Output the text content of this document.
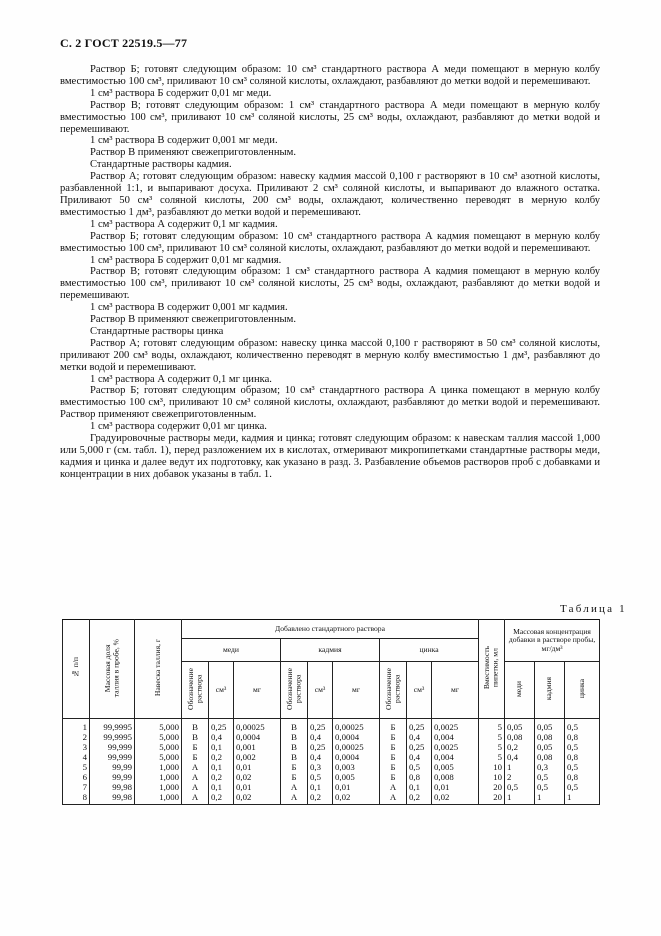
С. 2 ГОСТ 22519.5—77

Раствор Б; готовят следующим образом: 10 см³ стандартного раствора А меди помещают в мерную колбу вместимостью 100 см³, приливают 10 см³ соляной кислоты, охлаждают, разбавляют до метки водой и перемешивают.

1 см³ раствора Б содержит 0,01 мг меди.

Раствор В; готовят следующим образом: 1 см³ стандартного раствора А меди помещают в мерную колбу вместимостью 100 см³, приливают 10 см³ соляной кислоты, 25 см³ воды, охлаждают, разбавляют до метки водой и перемешивают.

1 см³ раствора В содержит 0,001 мг меди.

Раствор В применяют свежеприготовленным.

Стандартные растворы кадмия.

Раствор А; готовят следующим образом: навеску кадмия массой 0,100 г растворяют в 10 см³ азотной кислоты, разбавленной 1:1, и выпаривают досуха. Приливают 2 см³ соляной кислоты, и выпаривают до влажного остатка. Приливают 50 см³ соляной кислоты, 200 см³ воды, охлаждают, количественно переводят в мерную колбу вместимостью 1 дм³, разбавляют до метки водой и перемешивают.

1 см³ раствора А содержит 0,1 мг кадмия.

Раствор Б; готовят следующим образом: 10 см³ стандартного раствора А кадмия помещают в мерную колбу вместимостью 100 см³, приливают 10 см³ соляной кислоты, охлаждают, разбавляют до метки водой и перемешивают.

1 см³ раствора Б содержит 0,01 мг кадмия.

Раствор В; готовят следующим образом: 1 см³ стандартного раствора А кадмия помещают в мерную колбу вместимостью 100 см³, приливают 10 см³ соляной кислоты, 25 см³ воды, охлаждают, разбавляют до метки водой и перемешивают.

1 см³ раствора В содержит 0,001 мг кадмия.

Раствор В применяют свежеприготовленным.

Стандартные растворы цинка

Раствор А; готовят следующим образом: навеску цинка массой 0,100 г растворяют в 50 см³ соляной кислоты, приливают 200 см³ воды, охлаждают, количественно переводят в мерную колбу вместимостью 1 дм³, разбавляют до метки водой и перемешивают.

1 см³ раствора А содержит 0,1 мг цинка.

Раствор Б; готовят следующим образом; 10 см³ стандартного раствора А цинка помещают в мерную колбу вместимостью 100 см³, приливают 10 см³ соляной кислоты, охлаждают, разбавляют до метки водой и перемешивают. Раствор применяют свежеприготовленным.

1 см³ раствора содержит 0,01 мг цинка.

Градуировочные растворы меди, кадмия и цинка; готовят следующим образом: к навескам таллия массой 1,000 или 5,000 г (см. табл. 1), перед разложением их в кислотах, отмеривают микропипетками стандартные растворы меди, кадмия и цинка и далее ведут их подготовку, как указано в разд. 3. Разбавление объемов растворов проб с добавками и концентрации в них добавок указаны в табл. 1.

Таблица 1
№ п/п	Массовая доля
таллия в пробе, %	Навеска таллия, г	Добавлено стандартного раствора									Вместимость
пипетки, мл	Массовая концентрация добавки в растворе пробы, мг/дм³		
			меди			кадмия			цинка						
			Обозначение
раствора	см³	мг	Обозначение
раствора	см³	мг	Обозначение
раствора	см³	мг		меди	кадмия	цинка
1	99,9995	5,000	В	0,25	0,00025	В	0,25	0,00025	Б	0,25	0,0025	5	0,05	0,05	0,5
2	99,9995	5,000	В	0,4	0,0004	В	0,4	0,0004	Б	0,4	0,004	5	0,08	0,08	0,8
3	99,999	5,000	Б	0,1	0,001	В	0,25	0,00025	Б	0,25	0,0025	5	0,2	0,05	0,5
4	99,999	5,000	Б	0,2	0,002	В	0,4	0,0004	Б	0,4	0,004	5	0,4	0,08	0,8
5	99,99	1,000	А	0,1	0,01	Б	0,3	0,003	Б	0,5	0,005	10	1	0,3	0,5
6	99,99	1,000	А	0,2	0,02	Б	0,5	0,005	Б	0,8	0,008	10	2	0,5	0,8
7	99,98	1,000	А	0,1	0,01	А	0,1	0,01	А	0,1	0,01	20	0,5	0,5	0,5
8	99,98	1,000	А	0,2	0,02	А	0,2	0,02	А	0,2	0,02	20	1	1	1
